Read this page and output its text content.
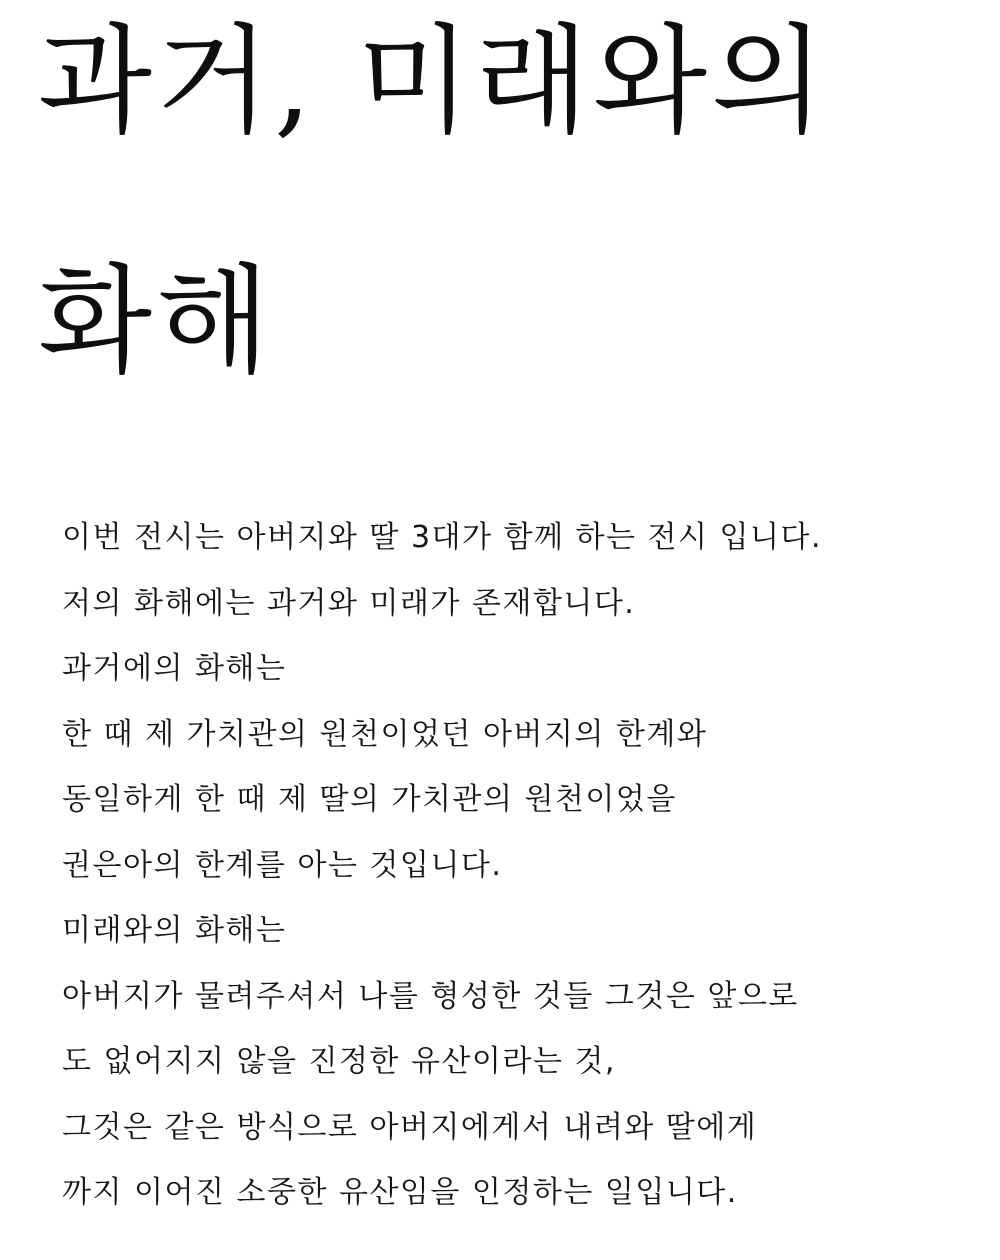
과거, 미래와의
화해
이번 전시는 아버지와 딸 3대가 함께 하는 전시 입니다.
저의 화해에는 과거와 미래가 존재합니다.
과거에의 화해는
한 때 제 가치관의 원천이었던 아버지의 한계와
동일하게 한 때 제 딸의 가치관의 원천이었을
권은아의 한계를 아는 것입니다.
미래와의 화해는
아버지가 물려주셔서 나를 형성한 것들 그것은 앞으로
도 없어지지 않을 진정한 유산이라는 것,
그것은 같은 방식으로 아버지에게서 내려와 딸에게
까지 이어진 소중한 유산임을 인정하는 일입니다.
